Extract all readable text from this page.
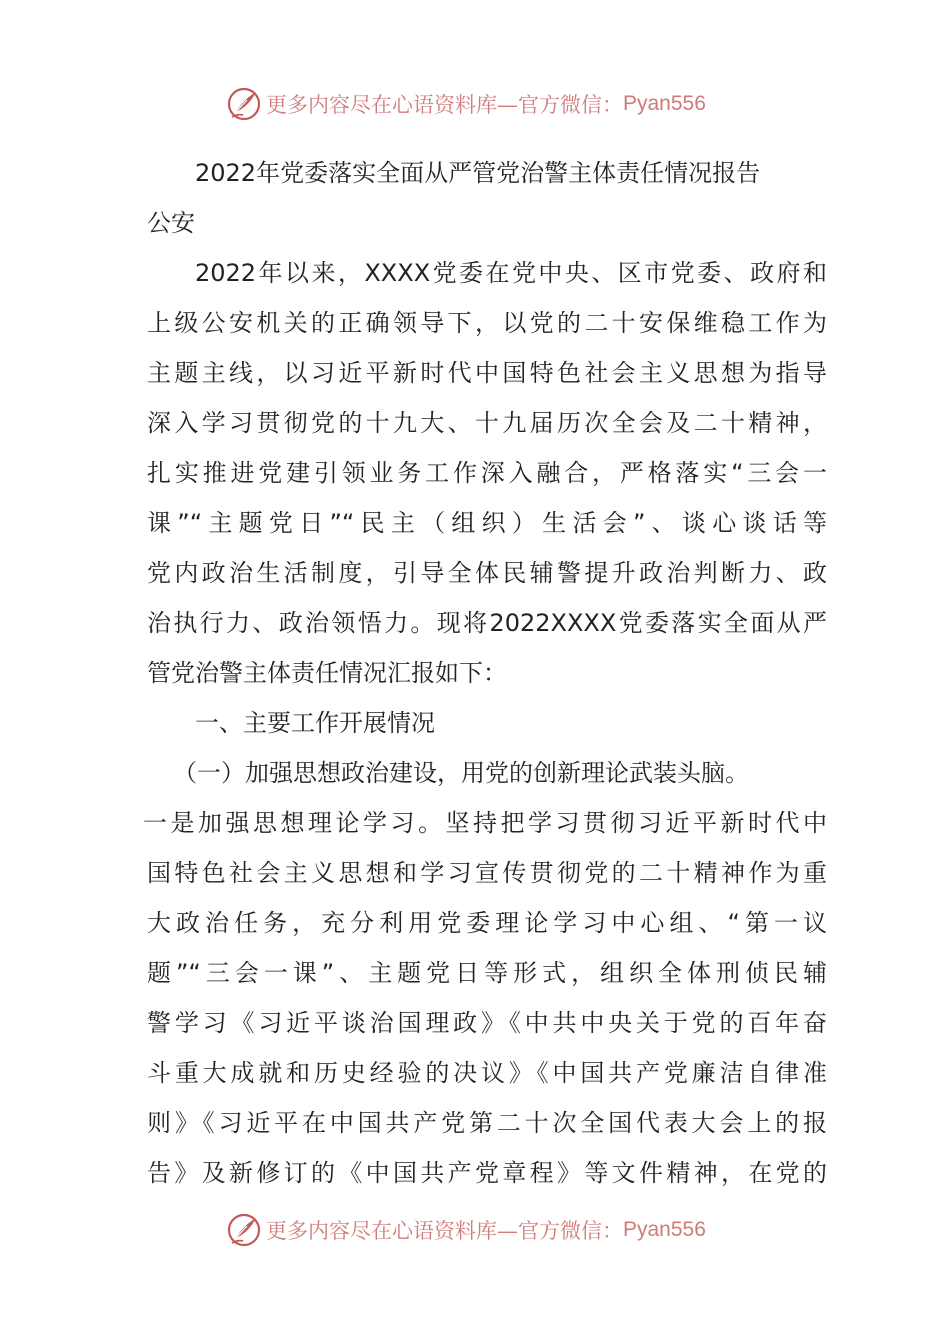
更多内容尽在心语资料库—官方微信： Pyan556
2022年党委落实全面从严管党治警主体责任情况报告
公安
2022年以来，XXXX党委在党中央、区市党委、政府和
上级公安机关的正确领导下，以党的二十安保维稳工作为
主题主线，以习近平新时代中国特色社会主义思想为指导
深入学习贯彻党的十九大、十九届历次全会及二十精神，
扎实推进党建引领业务工作深入融合，严格落实“三会一
课”“主题党日”“民主（组织）生活会”、谈心谈话等
党内政治生活制度，引导全体民辅警提升政治判断力、政
治执行力、政治领悟力。现将2022XXXX党委落实全面从严
管党治警主体责任情况汇报如下：
一、主要工作开展情况
（一）加强思想政治建设，用党的创新理论武装头脑。
一是加强思想理论学习。坚持把学习贯彻习近平新时代中
国特色社会主义思想和学习宣传贯彻党的二十精神作为重
大政治任务，充分利用党委理论学习中心组、“第一议
题”“三会一课”、主题党日等形式，组织全体刑侦民辅
警学习《习近平谈治国理政》《中共中央关于党的百年奋
斗重大成就和历史经验的决议》《中国共产党廉洁自律准
则》《习近平在中国共产党第二十次全国代表大会上的报
告》及新修订的《中国共产党章程》等文件精神，在党的
更多内容尽在心语资料库—官方微信： Pyan556
